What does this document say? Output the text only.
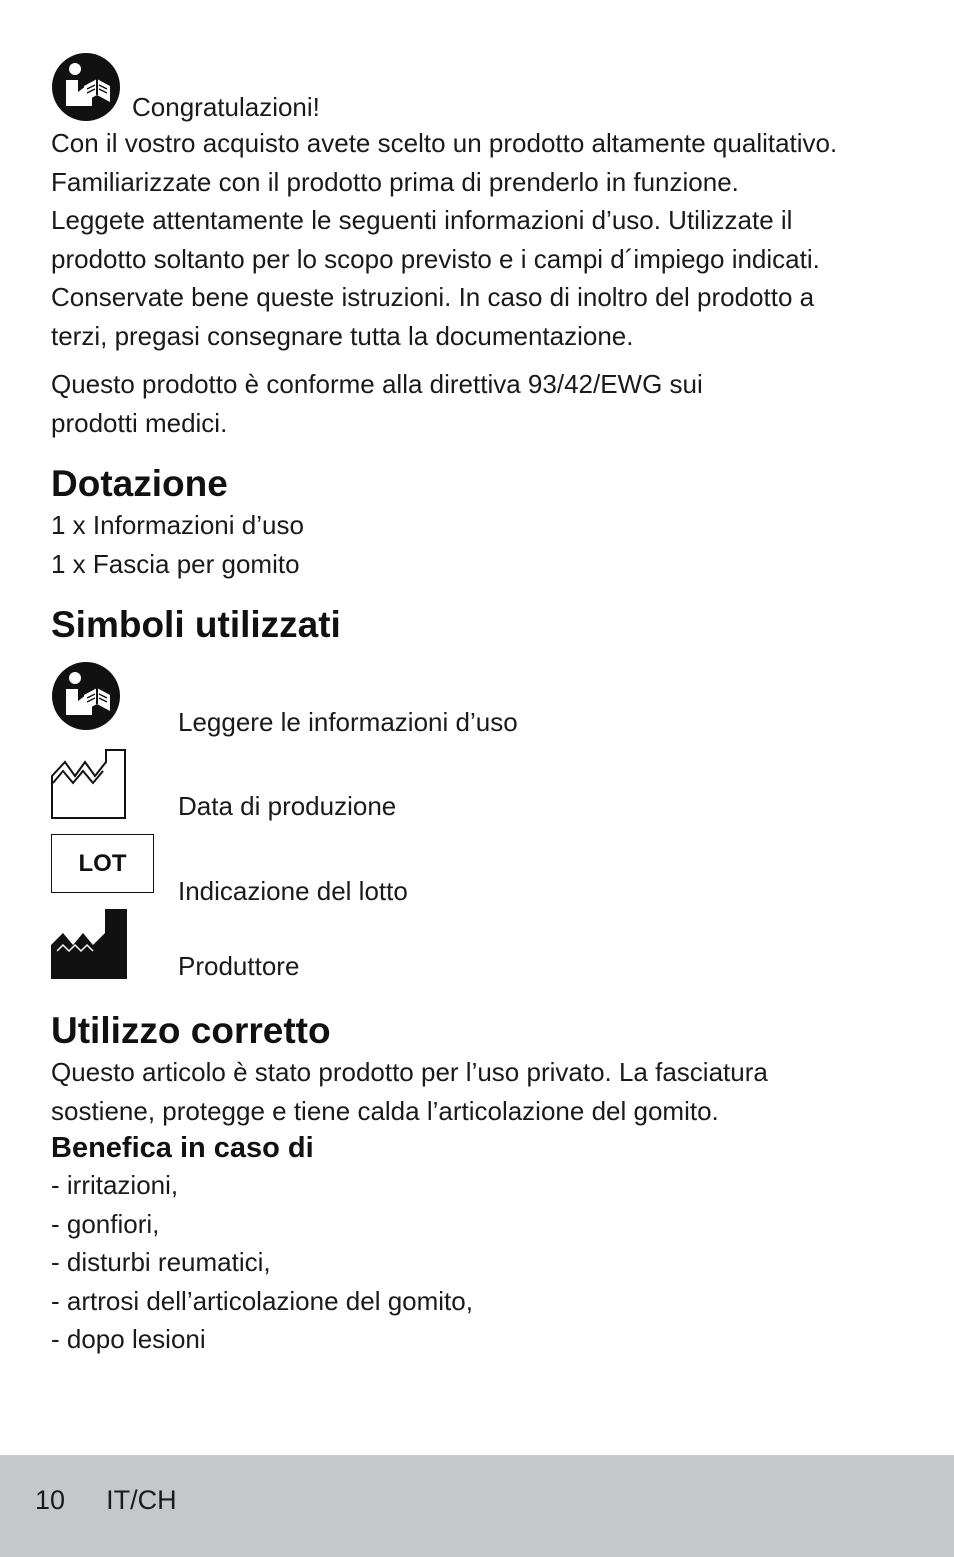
Congratulazioni!
Con il vostro acquisto avete scelto un prodotto altamente qualitativo.
Familiarizzate con il prodotto prima di prenderlo in funzione.
Leggete attentamente le seguenti informazioni d’uso. Utilizzate il
prodotto soltanto per lo scopo previsto e i campi d´impiego indicati.
Conservate bene queste istruzioni. In caso di inoltro del prodotto a
terzi, pregasi consegnare tutta la documentazione.
Questo prodotto è conforme alla direttiva 93/42/EWG sui
prodotti medici.
Dotazione
1 x Informazioni d’uso
1 x Fascia per gomito
Simboli utilizzati
Leggere le informazioni d’uso
Data di produzione
LOT
Indicazione del lotto
Produttore
Utilizzo corretto
Questo articolo è stato prodotto per l’uso privato. La fasciatura
sostiene, protegge e tiene calda l’articolazione del gomito.
Benefica in caso di
- irritazioni,
- gonfiori,
- disturbi reumatici,
- artrosi dell’articolazione del gomito,
- dopo lesioni
10 IT/CH
